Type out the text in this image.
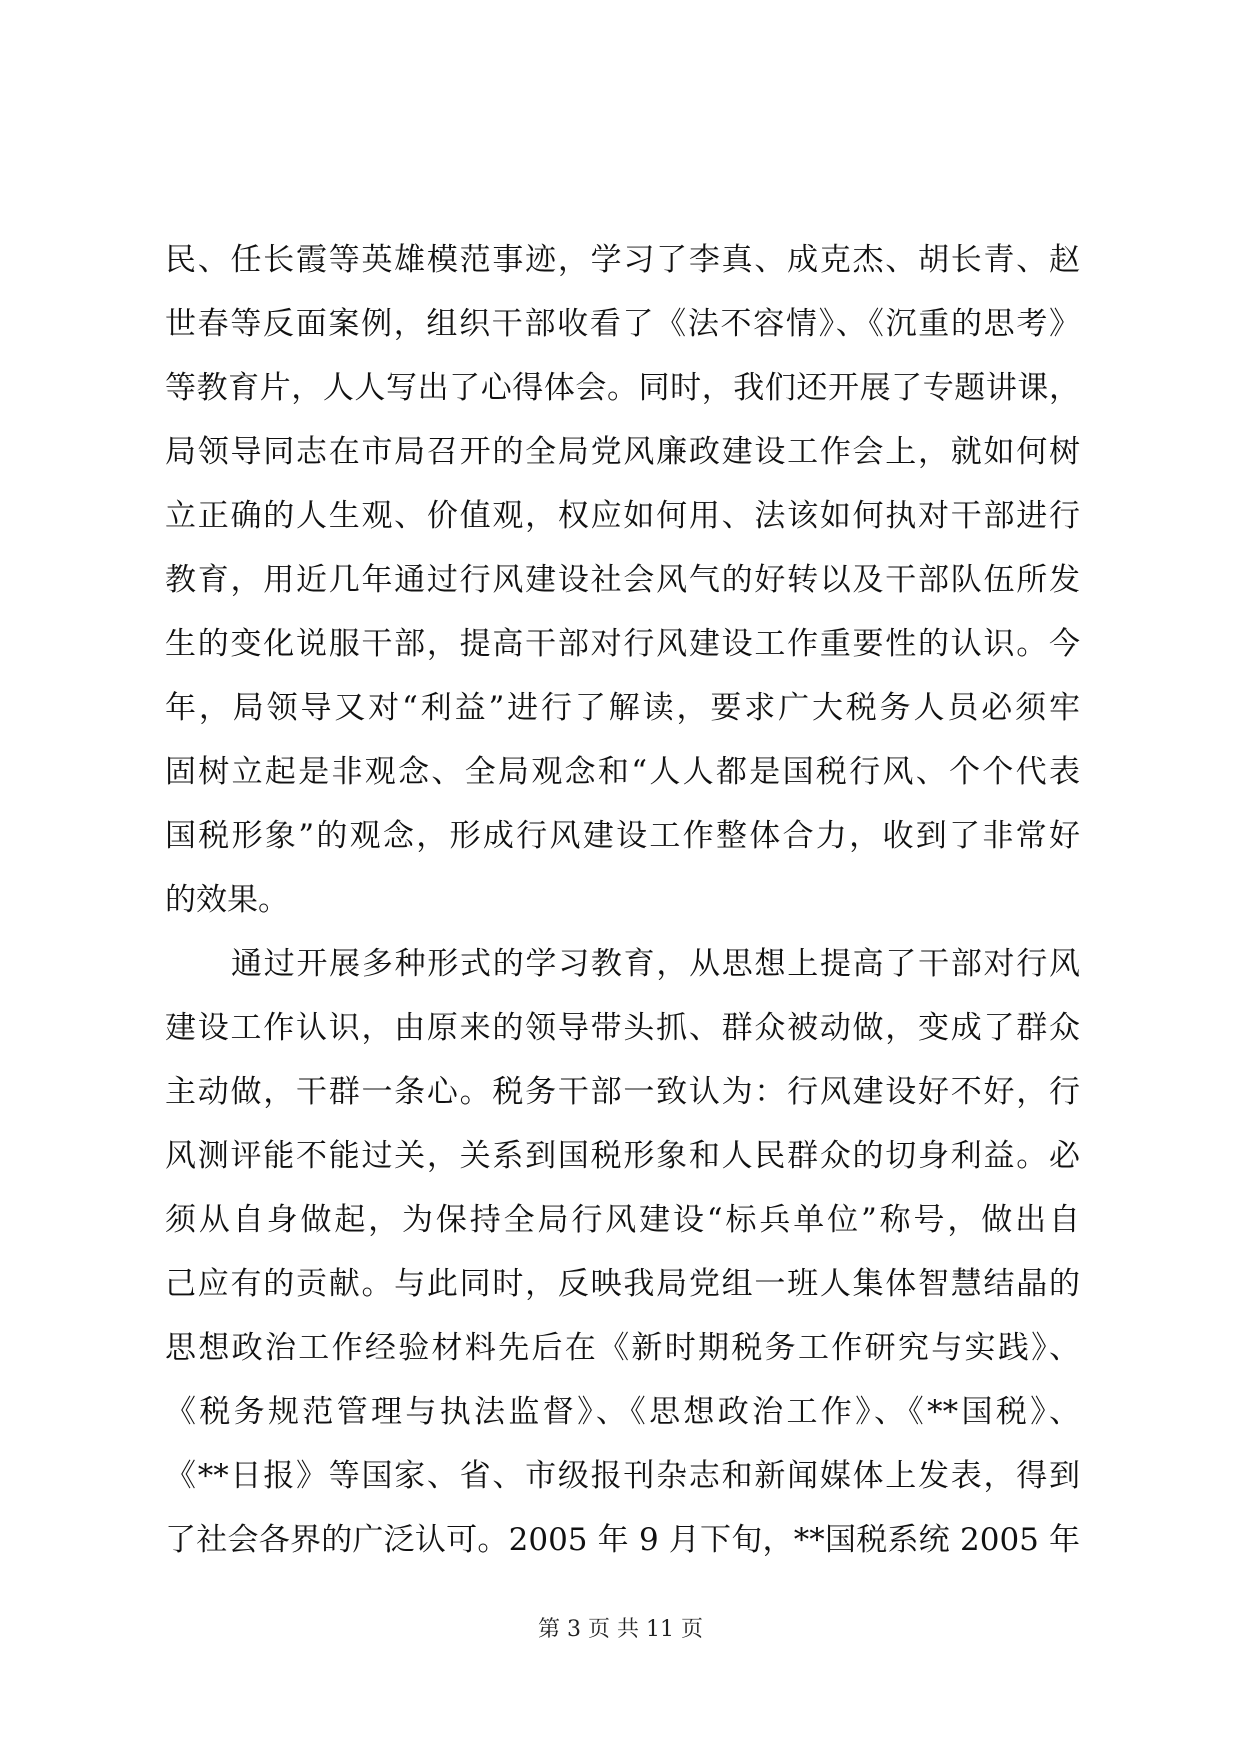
民、任长霞等英雄模范事迹，学习了李真、成克杰、胡长青、赵
世春等反面案例，组织干部收看了《法不容情》、《沉重的思考》
等教育片，人人写出了心得体会。同时，我们还开展了专题讲课，
局领导同志在市局召开的全局党风廉政建设工作会上，就如何树
立正确的人生观、价值观，权应如何用、法该如何执对干部进行
教育，用近几年通过行风建设社会风气的好转以及干部队伍所发
生的变化说服干部，提高干部对行风建设工作重要性的认识。今
年，局领导又对“利益”进行了解读，要求广大税务人员必须牢
固树立起是非观念、全局观念和“人人都是国税行风、个个代表
国税形象”的观念，形成行风建设工作整体合力，收到了非常好
的效果。
通过开展多种形式的学习教育，从思想上提高了干部对行风
建设工作认识，由原来的领导带头抓、群众被动做，变成了群众
主动做，干群一条心。税务干部一致认为：行风建设好不好，行
风测评能不能过关，关系到国税形象和人民群众的切身利益。必
须从自身做起，为保持全局行风建设“标兵单位”称号，做出自
己应有的贡献。与此同时，反映我局党组一班人集体智慧结晶的
思想政治工作经验材料先后在《新时期税务工作研究与实践》、
《税务规范管理与执法监督》、《思想政治工作》、《**国税》、
《**日报》等国家、省、市级报刊杂志和新闻媒体上发表，得到
了社会各界的广泛认可。2005 年 9 月下旬，**国税系统 2005 年
第 3 页 共 11 页
